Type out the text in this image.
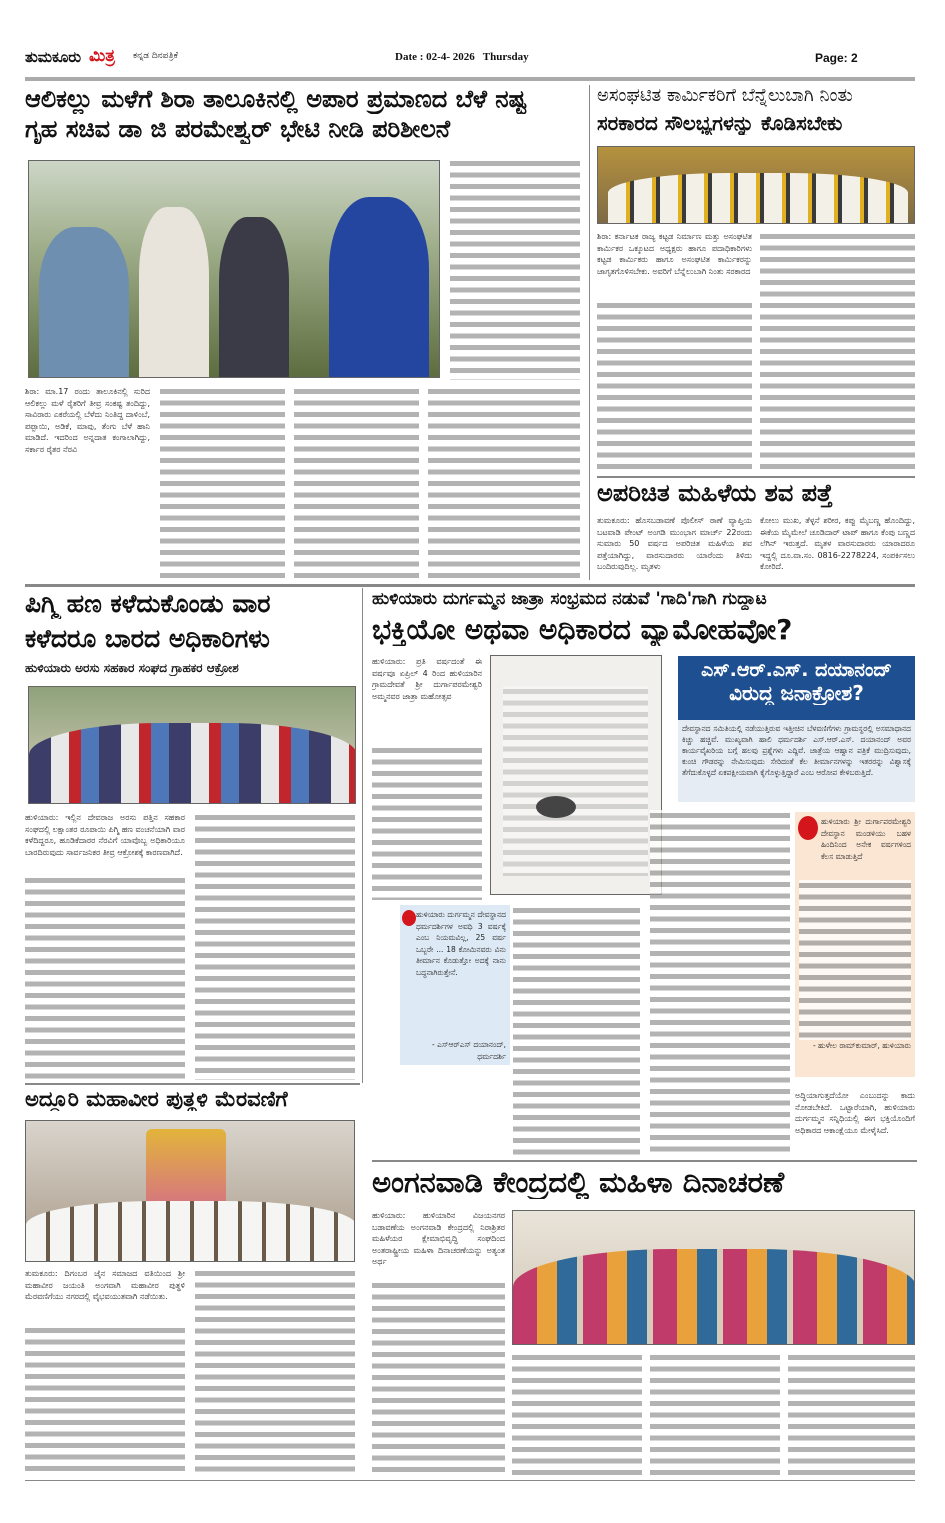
ತುಮಕೂರು ಮಿತ್ರ ಕನ್ನಡ ದಿನಪತ್ರಿಕೆ	Date : 02-4- 2026   Thursday	Page: 2
ಆಲಿಕಲ್ಲು ಮಳೆಗೆ ಶಿರಾ ತಾಲೂಕಿನಲ್ಲಿ ಅಪಾರ ಪ್ರಮಾಣದ ಬೆಳೆ ನಷ್ಟ
ಗೃಹ ಸಚಿವ ಡಾ ಜಿ ಪರಮೇಶ್ವರ್ ಭೇಟಿ ನೀಡಿ ಪರಿಶೀಲನೆ
ಶಿರಾ: ಮಾ.17 ರಂದು ತಾಲೂಕಿನಲ್ಲಿ ಸುರಿದ ಆಲಿಕಲ್ಲು ಮಳೆ ರೈತರಿಗೆ ತೀವ್ರ ಸಂಕಷ್ಟ ತಂದಿದ್ದು, ಸಾವಿರಾರು ಎಕರೆಯಲ್ಲಿ ಬೆಳೆದು ನಿಂತಿದ್ದ ದಾಳಿಂಬೆ, ಪಪ್ಪಾಯಿ, ಅಡಿಕೆ, ಮಾವು, ತೆಂಗು ಬೆಳೆ ಹಾನಿ ಮಾಡಿದೆ. ಇದರಿಂದ ಅನ್ನದಾತ ಕಂಗಾಲಾಗಿದ್ದು, ಸರ್ಕಾರ ರೈತರ ನೆರವಿ
ಅಸಂಘಟಿತ ಕಾರ್ಮಿಕರಿಗೆ ಬೆನ್ನೆಲುಬಾಗಿ ನಿಂತು
ಸರಕಾರದ ಸೌಲಭ್ಯಗಳನ್ನು ಕೊಡಿಸಬೇಕು
ಶಿರಾ: ಕರ್ನಾಟಕ ರಾಜ್ಯ ಕಟ್ಟಡ ನಿರ್ಮಾಣ ಮತ್ತು ಅಸಂಘಟಿತ ಕಾರ್ಮಿಕರ ಒಕ್ಕೂಟದ ಅಧ್ಯಕ್ಷರು ಹಾಗೂ ಪದಾಧಿಕಾರಿಗಳು ಕಟ್ಟಡ ಕಾರ್ಮಿಕರು ಹಾಗೂ ಅಸಂಘಟಿತ ಕಾರ್ಮಿಕರನ್ನು ಜಾಗೃತಗೊಳಿಸಬೇಕು. ಅವರಿಗೆ ಬೆನ್ನೆಲುಬಾಗಿ ನಿಂತು ಸರಕಾರದ
ಅಪರಿಚಿತ ಮಹಿಳೆಯ ಶವ ಪತ್ತೆ
ತುಮಕೂರು: ಹೊಸಬಡಾವಣೆ ಪೊಲೀಸ್ ಠಾಣೆ ವ್ಯಾಪ್ತಿಯ ಬಟವಾಡಿ ಪೇಂಟ್ ಅಂಗಡಿ ಮುಂಭಾಗ ಮಾರ್ಚ್ 22ರಂದು ಸುಮಾರು 50 ವರ್ಷದ ಅಪರಿಚಿತ ಮಹಿಳೆಯ ಶವ ಪತ್ತೆಯಾಗಿದ್ದು, ವಾರಸುದಾರರು ಯಾರೆಂದು ತಿಳಿದು ಬಂದಿರುವುದಿಲ್ಲ. ಮೃತಳು
ಕೋಲು ಮುಖ, ತೆಳ್ಳನೆ ಶರೀರ, ಕಪ್ಪು ಮೈಬಣ್ಣ ಹೊಂದಿದ್ದು, ಈಕೆಯ ಮೈಮೇಲೆ ಚೂಡಿದಾರ್ ಟಾಪ್ ಹಾಗೂ ಕೆಂಪು ಬಣ್ಣದ ಲೆಗಿನ್ ಇರುತ್ತದೆ. ಮೃತಳ ವಾರಸುದಾರರು ಯಾರಾದರೂ ಇದ್ದಲ್ಲಿ ದೂ.ವಾ.ಸಂ. 0816-2278224, ಸಂಪರ್ಕಿಸಲು ಕೋರಿದೆ.
ಪಿಗ್ಮಿ ಹಣ ಕಳೆದುಕೊಂಡು ವಾರ
ಕಳೆದರೂ ಬಾರದ ಅಧಿಕಾರಿಗಳು
ಹುಳಿಯಾರು ಅರಸು ಸಹಕಾರ ಸಂಘದ ಗ್ರಾಹಕರ ಆಕ್ರೋಶ
ಹುಳಿಯಾರು: ಇಲ್ಲಿನ ದೇವರಾಜ ಅರಸು ಪತ್ತಿನ ಸಹಕಾರ ಸಂಘದಲ್ಲಿ ಲಕ್ಷಾಂತರ ರೂಪಾಯಿ ಪಿಗ್ಮಿ ಹಣ ವಂಚನೆಯಾಗಿ ವಾರ ಕಳೆದಿದ್ದರೂ, ಹೂಡಿಕೆದಾರರ ನೆರವಿಗೆ ಯಾವೊಬ್ಬ ಅಧಿಕಾರಿಯೂ ಬಾರದಿರುವುದು ಸಾರ್ವಜನಿಕರ ತೀವ್ರ ಆಕ್ರೋಶಕ್ಕೆ ಕಾರಣವಾಗಿದೆ.
ಹುಳಿಯಾರು ದುರ್ಗಮ್ಮನ ಜಾತ್ರಾ ಸಂಭ್ರಮದ ನಡುವೆ 'ಗಾದಿ'ಗಾಗಿ ಗುದ್ದಾಟ
ಭಕ್ತಿಯೋ ಅಥವಾ ಅಧಿಕಾರದ ವ್ಯಾಮೋಹವೋ?
ಹುಳಿಯಾರು: ಪ್ರತಿ ವರ್ಷದಂತೆ ಈ ವರ್ಷವೂ ಏಪ್ರಿಲ್ 4 ರಿಂದ ಹುಳಿಯಾರಿನ ಗ್ರಾಮದೇವತೆ ಶ್ರೀ ದುರ್ಗಾಪರಮೇಶ್ವರಿ ಅಮ್ಮನವರ ಜಾತ್ರಾ ಮಹೋತ್ಸವ
ಎಸ್.ಆರ್.ಎಸ್. ದಯಾನಂದ್
ವಿರುದ್ಧ ಜನಾಕ್ರೋಶ?
ದೇವಸ್ಥಾನದ ಸಮಿತಿಯಲ್ಲಿ ನಡೆಯುತ್ತಿರುವ ಇತ್ತೀಚಿನ ಬೆಳವಣಿಗೆಗಳು ಗ್ರಾಮಸ್ಥರಲ್ಲಿ ಅಸಮಾಧಾನದ ಕಿಚ್ಚು ಹಚ್ಚಿವೆ. ಮುಖ್ಯವಾಗಿ ಹಾಲಿ ಧರ್ಮದರ್ಶಿ ಎಸ್.ಆರ್.ಎಸ್. ದಯಾನಂದ್ ಅವರ ಕಾರ್ಯವೈಖರಿಯ ಬಗ್ಗೆ ಹಲವು ಪ್ರಶ್ನೆಗಳು ಎದ್ದಿವೆ. ಜಾತ್ರೆಯ ಆಹ್ವಾನ ಪತ್ರಿಕೆ ಮುದ್ರಿಸುವುದು, ಕುಂಚಿ ಗೌಡರನ್ನು ನೇಮಿಸುವುದು ಸೇರಿದಂತೆ ಕೆಲ ತೀರ್ಮಾನಗಳನ್ನು ಇತರರನ್ನು ವಿಶ್ವಾಸಕ್ಕೆ ತೆಗೆದುಕೊಳ್ಳದೆ ಏಕಪಕ್ಷೀಯವಾಗಿ ಕೈಗೊಳ್ಳುತ್ತಿದ್ದಾರೆ ಎಂಬ ಆರೋಪ ಕೇಳಿಬರುತ್ತಿದೆ.
ಹುಳಿಯಾರು ದುರ್ಗಮ್ಮನ ದೇವಸ್ಥಾನದ ಧರ್ಮದರ್ಶಿಗಳ ಅವಧಿ 3 ವರ್ಷಕ್ಕೆ ಎಂಬ ನಿಯಮವಿಲ್ಲ, 25 ವರ್ಷ ಒಬ್ಬರೇ ... 18 ಕೋಮಿನವರು ವಿನು ತೀರ್ಮಾನ ಕೊಡುತ್ತೋ ಅದಕ್ಕೆ ನಾನು ಬದ್ಧನಾಗಿರುತ್ತೇನೆ.
- ಎಸ್‌ಆರ್‌ಎಸ್ ದಯಾನಂದ್, ಧರ್ಮದರ್ಶಿ
ಹುಳಿಯಾರು ಶ್ರೀ ದುರ್ಗಾಪರಮೇಶ್ವರಿ ದೇವಸ್ಥಾನ ಮಂಡಳಿಯು ಬಹಳ ಹಿಂದಿನಿಂದ ಅನೇಕ ವರ್ಷಗಳಿಂದ ಕೆಲಸ ಮಾಡುತ್ತಿದೆ
- ಹುಳೇಲ ರಾಮ್‌ಕುಮಾರ್, ಹುಳಿಯಾರು
ಅದ್ಧಿಯಾಗುತ್ತದೆಯೋ ಎಂಬುದನ್ನು ಕಾದು ನೋಡಬೇಕಿದೆ. ಒಟ್ಟಾರೆಯಾಗಿ, ಹುಳಿಯಾರು ದುರ್ಗಮ್ಮನ ಸನ್ನಿಧಿಯಲ್ಲಿ ಈಗ ಭಕ್ತಿಯೊಂದಿಗೆ ಅಧಿಕಾರದ ಆಕಾಂಕ್ಷೆಯೂ ಮೇಳೈಸಿದೆ.
ಅದ್ದೂರಿ ಮಹಾವೀರ ಪುತ್ಥಳಿ ಮೆರವಣಿಗೆ
ತುಮಕೂರು: ದಿಗಂಬರ ಜೈನ ಸಮಾಜದ ವತಿಯಿಂದ ಶ್ರೀ ಮಹಾವೀರ ಜಯಂತಿ ಅಂಗವಾಗಿ ಮಹಾವೀರ ಪುತ್ಥಳಿ ಮೆರವಣಿಗೆಯು ನಗರದಲ್ಲಿ ವೈಭವಯುತವಾಗಿ ನಡೆಯಿತು.
ಅಂಗನವಾಡಿ ಕೇಂದ್ರದಲ್ಲಿ ಮಹಿಳಾ ದಿನಾಚರಣೆ
ಹುಳಿಯಾರು: ಹುಳಿಯಾರಿನ ವಿಜಯನಗರ ಬಡಾವಣೆಯ ಅಂಗನವಾಡಿ ಕೇಂದ್ರದಲ್ಲಿ ನಿರಾಶ್ರಿತರ ಮಹಿಳೆಯರ ಕ್ಷೇಮಾಭಿವೃದ್ಧಿ ಸಂಘದಿಂದ ಅಂತರಾಷ್ಟ್ರೀಯ ಮಹಿಳಾ ದಿನಾಚರಣೆಯನ್ನು ಅತ್ಯಂತ ಅರ್ಥ
